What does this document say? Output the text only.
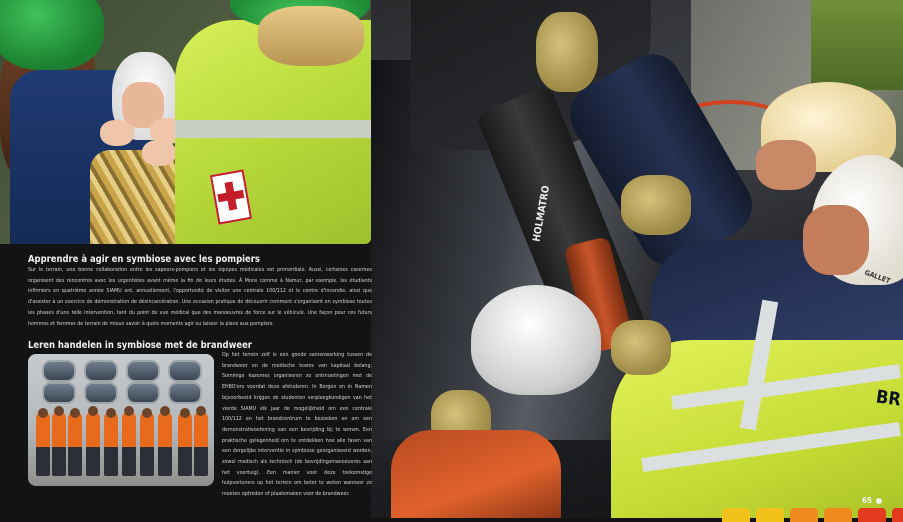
GALLET
BR
Apprendre à agir en symbiose avec les pompiers
Sur le terrain, une bonne collaboration entre les sapeurs-pompiers et les équipes médicales est primordiale. Aussi, certaines casernes organisent des rencontres avec les urgentistes avant même la fin de leurs études. À Mons comme à Namur, par exemple, les étudiants infirmiers en quatrième année SIAMU ont, annuellement, l'opportunité de visiter une centrale 100/112 et le centre d'incendie, ainsi que d'assister à un exercice de démonstration de désincarcération. Une occasion pratique de découvrir comment s'organisent en symbiose toutes les phases d'une telle intervention, tant du point de vue médical que des manoeuvres de force sur le véhicule. Une façon pour ces futurs hommes et femmes de terrain de mieux savoir à quels moments agir ou laisser la place aux pompiers.
Leren handelen in symbiose met de brandweer
Op het terrein zelf is een goede samenwerking tussen de brandweer en de medische teams van kapitaal belang. Sommige kazernes organiseren zo ontmoetingen met de EHBO'ers voordat deze afstuderen. In Bergen en in Namen bijvoorbeeld krijgen de studenten verpleegkundigen van het vierde SIAMU elk jaar de mogelijkheid om een centrale 100/112 en het brandcentrum te bezoeken en om een demonstratieoefening van een bevrijding bij te wonen. Een praktische gelegenheid om te ontdekken hoe alle fasen van een dergelijke interventie in symbiose georganiseerd worden, zowel medisch als technisch (de bevrijdingsmanoeuvres aan het voertuig). Een manier voor deze toekomstige hulpverleners op het terrein om beter te weten wanneer ze moeten optreden of plaatsmaken voor de brandweer.
65
